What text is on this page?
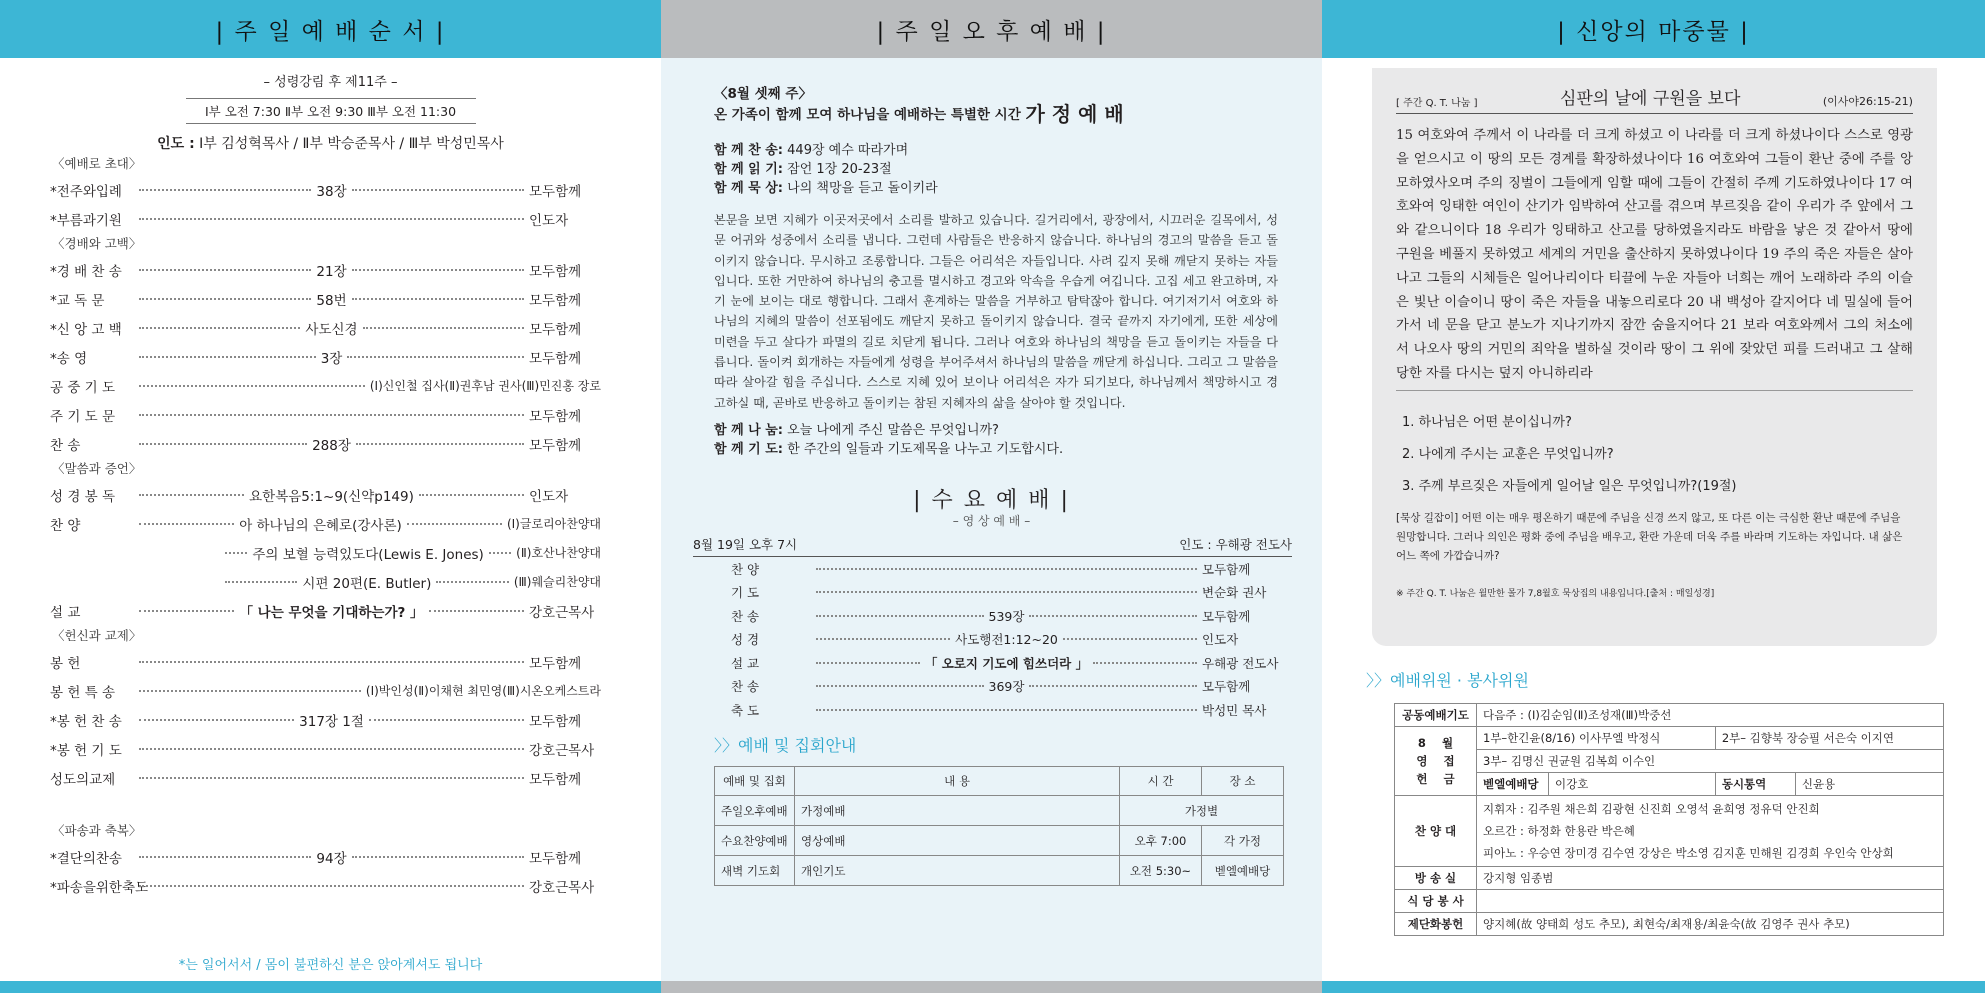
| 주 일 예 배 순 서 |
– 성령강림 후 제11주 –
Ⅰ부 오전 7:30 Ⅱ부 오전 9:30 Ⅲ부 오전 11:30
인도 : Ⅰ부 김성혁목사 / Ⅱ부 박승준목사 / Ⅲ부 박성민목사
〈예배로 초대〉
*전주와입례	38장	모두함께
*부름과기원	인도자
〈경배와 고백〉
*경 배 찬 송	21장	모두함께
*교 독 문	58번	모두함께
*신 앙 고 백	사도신경	모두함께
*송 영	3장	모두함께
공 중 기 도	(Ⅰ)신인철 집사(Ⅱ)권후남 권사(Ⅲ)민진홍 장로
주 기 도 문	모두함께
찬 송	288장	모두함께
〈말씀과 증언〉
성 경 봉 독	요한복음5:1~9(신약p149)	인도자
찬 양	아 하나님의 은혜로(강사론)	(Ⅰ)글로리아찬양대
주의 보혈 능력있도다(Lewis E. Jones)	(Ⅱ)호산나찬양대
시편 20편(E. Butler)	(Ⅲ)웨슬리찬양대
설 교	「 나는 무엇을 기대하는가? 」	강호근목사
〈헌신과 교제〉
봉 헌	모두함께
봉 헌 특 송	(Ⅰ)박인성(Ⅱ)이채현 최민영(Ⅲ)시온오케스트라
*봉 헌 찬 송	317장 1절	모두함께
*봉 헌 기 도	강호근목사
성도의교제	모두함께
〈파송과 축복〉
*결단의찬송	94장	모두함께
*파송을위한축도	강호근목사
*는 일어서서 / 몸이 불편하신 분은 앉아계셔도 됩니다
| 주 일 오 후 예 배 |
〈8월 셋째 주〉
온 가족이 함께 모여 하나님을 예배하는 특별한 시간 가 정 예 배
함 께 찬 송: 449장 예수 따라가며
함 께 읽 기: 잠언 1장 20-23절
함 께 묵 상: 나의 책망을 듣고 돌이키라
본문을 보면 지혜가 이곳저곳에서 소리를 발하고 있습니다. 길거리에서, 광장에서, 시끄러운 길목에서, 성문 어귀와 성중에서 소리를 냅니다. 그런데 사람들은 반응하지 않습니다. 하나님의 경고의 말씀을 듣고 돌이키지 않습니다. 무시하고 조롱합니다. 그들은 어리석은 자들입니다. 사려 깊지 못해 깨닫지 못하는 자들입니다. 또한 거만하여 하나님의 충고를 멸시하고 경고와 악속을 우습게 여깁니다. 고집 세고 완고하며, 자기 눈에 보이는 대로 행합니다. 그래서 훈계하는 말씀을 거부하고 탐탁잖아 합니다. 여기저기서 여호와 하나님의 지혜의 말씀이 선포됨에도 깨닫지 못하고 돌이키지 않습니다. 결국 끝까지 자기에게, 또한 세상에 미련을 두고 살다가 파멸의 길로 치닫게 됩니다. 그러나 여호와 하나님의 책망을 듣고 돌이키는 자들을 다릅니다. 돌이켜 회개하는 자들에게 성령을 부어주셔서 하나님의 말씀을 깨닫게 하십니다. 그리고 그 말씀을 따라 살아갈 힘을 주십니다. 스스로 지혜 있어 보이나 어리석은 자가 되기보다, 하나님께서 책망하시고 경고하실 때, 곧바로 반응하고 돌이키는 참된 지혜자의 삶을 살아야 할 것입니다.
함 께 나 눔: 오늘 나에게 주신 말씀은 무엇입니까?
함 께 기 도: 한 주간의 일들과 기도제목을 나누고 기도합시다.
| 수 요 예 배 |
– 영 상 예 배 –
8월 19일 오후 7시	인도 : 우해광 전도사
찬 양	모두함께
기 도	변순화 권사
찬 송	539장	모두함께
성 경	사도행전1:12~20	인도자
설 교	「 오로지 기도에 힘쓰더라 」	우해광 전도사
찬 송	369장	모두함께
축 도	박성민 목사
〉〉예배 및 집회안내
예배 및 집회	내 용	시 간	장 소
주일오후예배	가정예배	가정별	
수요찬양예배	영상예배	오후 7:00	각 가정
새벽 기도회	개인기도	오전 5:30~	벧엘예배당
| 신앙의 마중물 |
[ 주간 Q. T. 나눔 ]	심판의 날에 구원을 보다	(이사야26:15-21)
15 여호와여 주께서 이 나라를 더 크게 하셨고 이 나라를 더 크게 하셨나이다 스스로 영광을 얻으시고 이 땅의 모든 경계를 확장하셨나이다 16 여호와여 그들이 환난 중에 주를 앙모하였사오며 주의 징벌이 그들에게 임할 때에 그들이 간절히 주께 기도하였나이다 17 여호와여 잉태한 여인이 산기가 임박하여 산고를 겪으며 부르짖음 같이 우리가 주 앞에서 그와 같으니이다 18 우리가 잉태하고 산고를 당하였을지라도 바람을 낳은 것 같아서 땅에 구원을 베풀지 못하였고 세계의 거민을 출산하지 못하였나이다 19 주의 죽은 자들은 살아나고 그들의 시체들은 일어나리이다 티끌에 누운 자들아 너희는 깨어 노래하라 주의 이슬은 빛난 이슬이니 땅이 죽은 자들을 내놓으리로다 20 내 백성아 갈지어다 네 밀실에 들어가서 네 문을 닫고 분노가 지나기까지 잠깐 숨을지어다 21 보라 여호와께서 그의 처소에서 나오사 땅의 거민의 죄악을 벌하실 것이라 땅이 그 위에 잦았던 피를 드러내고 그 살해 당한 자를 다시는 덮지 아니하리라
1. 하나님은 어떤 분이십니까?
2. 나에게 주시는 교훈은 무엇입니까?
3. 주께 부르짖은 자들에게 일어날 일은 무엇입니까?(19절)
[묵상 길잡이] 어떤 이는 매우 평온하기 때문에 주님을 신경 쓰지 않고, 또 다른 이는 극심한 환난 때문에 주님을 원망합니다. 그러나 의인은 평화 중에 주님을 배우고, 환란 가운데 더욱 주를 바라며 기도하는 자입니다. 내 삶은 어느 쪽에 가깝습니까?
※ 주간 Q. T. 나눔은 월만한 몰가 7,8월호 묵상집의 내용입니다.[출처 : 매일성경]
〉〉예배위원 · 봉사위원
공동예배기도	다음주 : (Ⅰ)김순임(Ⅱ)조성재(Ⅲ)박중선			
8    월
영    접
헌    금	1부–한긴윤(8/16) 이사무엘 박정식		2부– 김향북 장승필 서은숙 이지연	
	3부– 김명신 권균원 김복희 이수인			
	벧엘예배당	이강호	동시통역	신윤용
찬 양 대	지휘자 : 김주원 채은희 김광현 신진희 오영석 윤희영 정유덕 안진희
오르간 : 하정화 한용란 박은혜
피아노 : 우승연 장미경 김수연 강상은 박소영 김지훈 민해원 김경희 우인숙 안상희			

방 송 실	강지형 임종범			
식 당 봉 사				
제단화봉헌	양지혜(故 양태희 성도 추모), 최현숙/최재용/최윤숙(故 김영주 권사 추모)			
